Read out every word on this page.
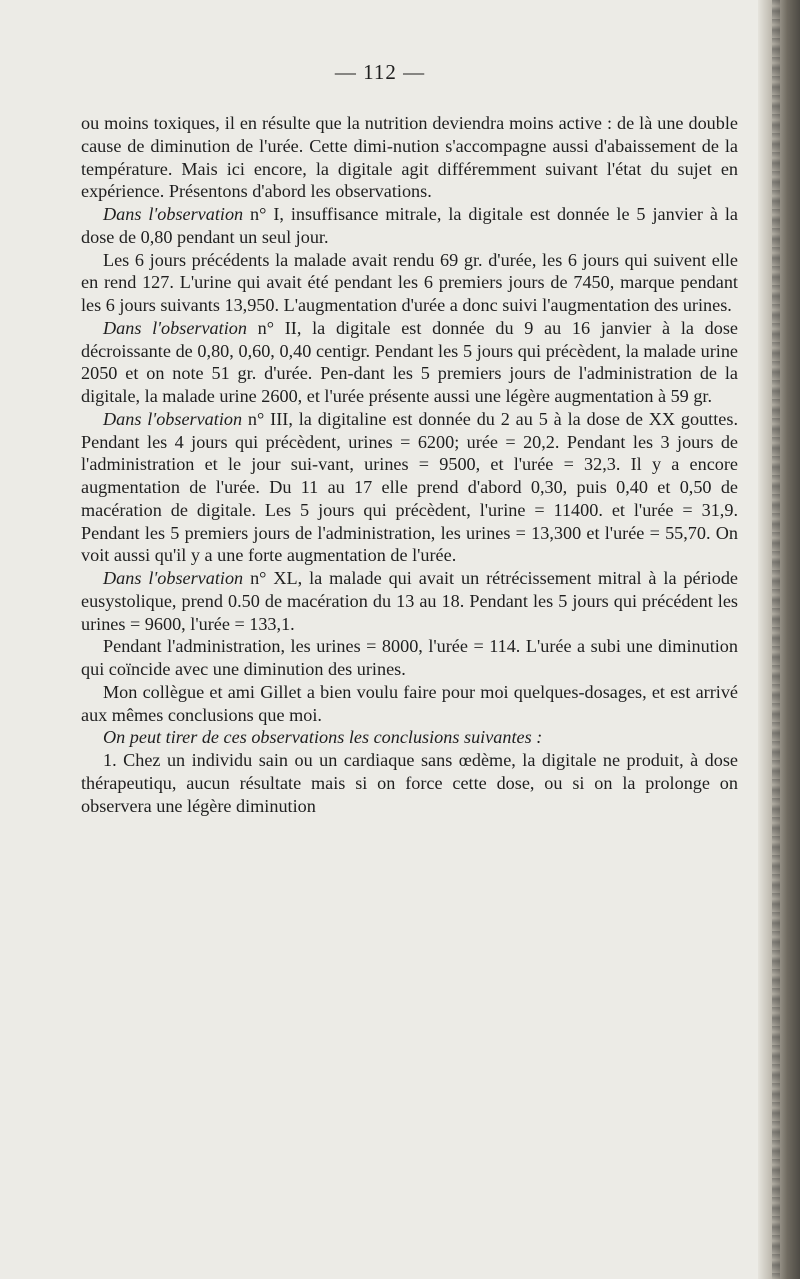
— 112 —

ou moins toxiques, il en résulte que la nutrition deviendra moins active : de là une double cause de diminution de l'urée. Cette dimi-nution s'accompagne aussi d'abaissement de la température. Mais ici encore, la digitale agit différemment suivant l'état du sujet en expérience. Présentons d'abord les observations.

Dans l'observation n° I, insuffisance mitrale, la digitale est donnée le 5 janvier à la dose de 0,80 pendant un seul jour.

Les 6 jours précédents la malade avait rendu 69 gr. d'urée, les 6 jours qui suivent elle en rend 127. L'urine qui avait été pendant les 6 premiers jours de 7450, marque pendant les 6 jours suivants 13,950. L'augmentation d'urée a donc suivi l'augmentation des urines.

Dans l'observation n° II, la digitale est donnée du 9 au 16 janvier à la dose décroissante de 0,80, 0,60, 0,40 centigr. Pendant les 5 jours qui précèdent, la malade urine 2050 et on note 51 gr. d'urée. Pen-dant les 5 premiers jours de l'administration de la digitale, la malade urine 2600, et l'urée présente aussi une légère augmentation à 59 gr.

Dans l'observation n° III, la digitaline est donnée du 2 au 5 à la dose de XX gouttes. Pendant les 4 jours qui précèdent, urines = 6200; urée = 20,2. Pendant les 3 jours de l'administration et le jour sui-vant, urines = 9500, et l'urée = 32,3. Il y a encore augmentation de l'urée. Du 11 au 17 elle prend d'abord 0,30, puis 0,40 et 0,50 de macération de digitale. Les 5 jours qui précèdent, l'urine = 11400. et l'urée = 31,9. Pendant les 5 premiers jours de l'administration, les urines = 13,300 et l'urée = 55,70. On voit aussi qu'il y a une forte augmentation de l'urée.

Dans l'observation n° XL, la malade qui avait un rétrécissement mitral à la période eusystolique, prend 0.50 de macération du 13 au 18. Pendant les 5 jours qui précédent les urines = 9600, l'urée = 133,1.

Pendant l'administration, les urines = 8000, l'urée = 114. L'urée a subi une diminution qui coïncide avec une diminution des urines.

Mon collègue et ami Gillet a bien voulu faire pour moi quelques-dosages, et est arrivé aux mêmes conclusions que moi.

On peut tirer de ces observations les conclusions suivantes :

1. Chez un individu sain ou un cardiaque sans œdème, la digitale ne produit, à dose thérapeutiqu, aucun résultate mais si on force cette dose, ou si on la prolonge on observera une légère diminution
